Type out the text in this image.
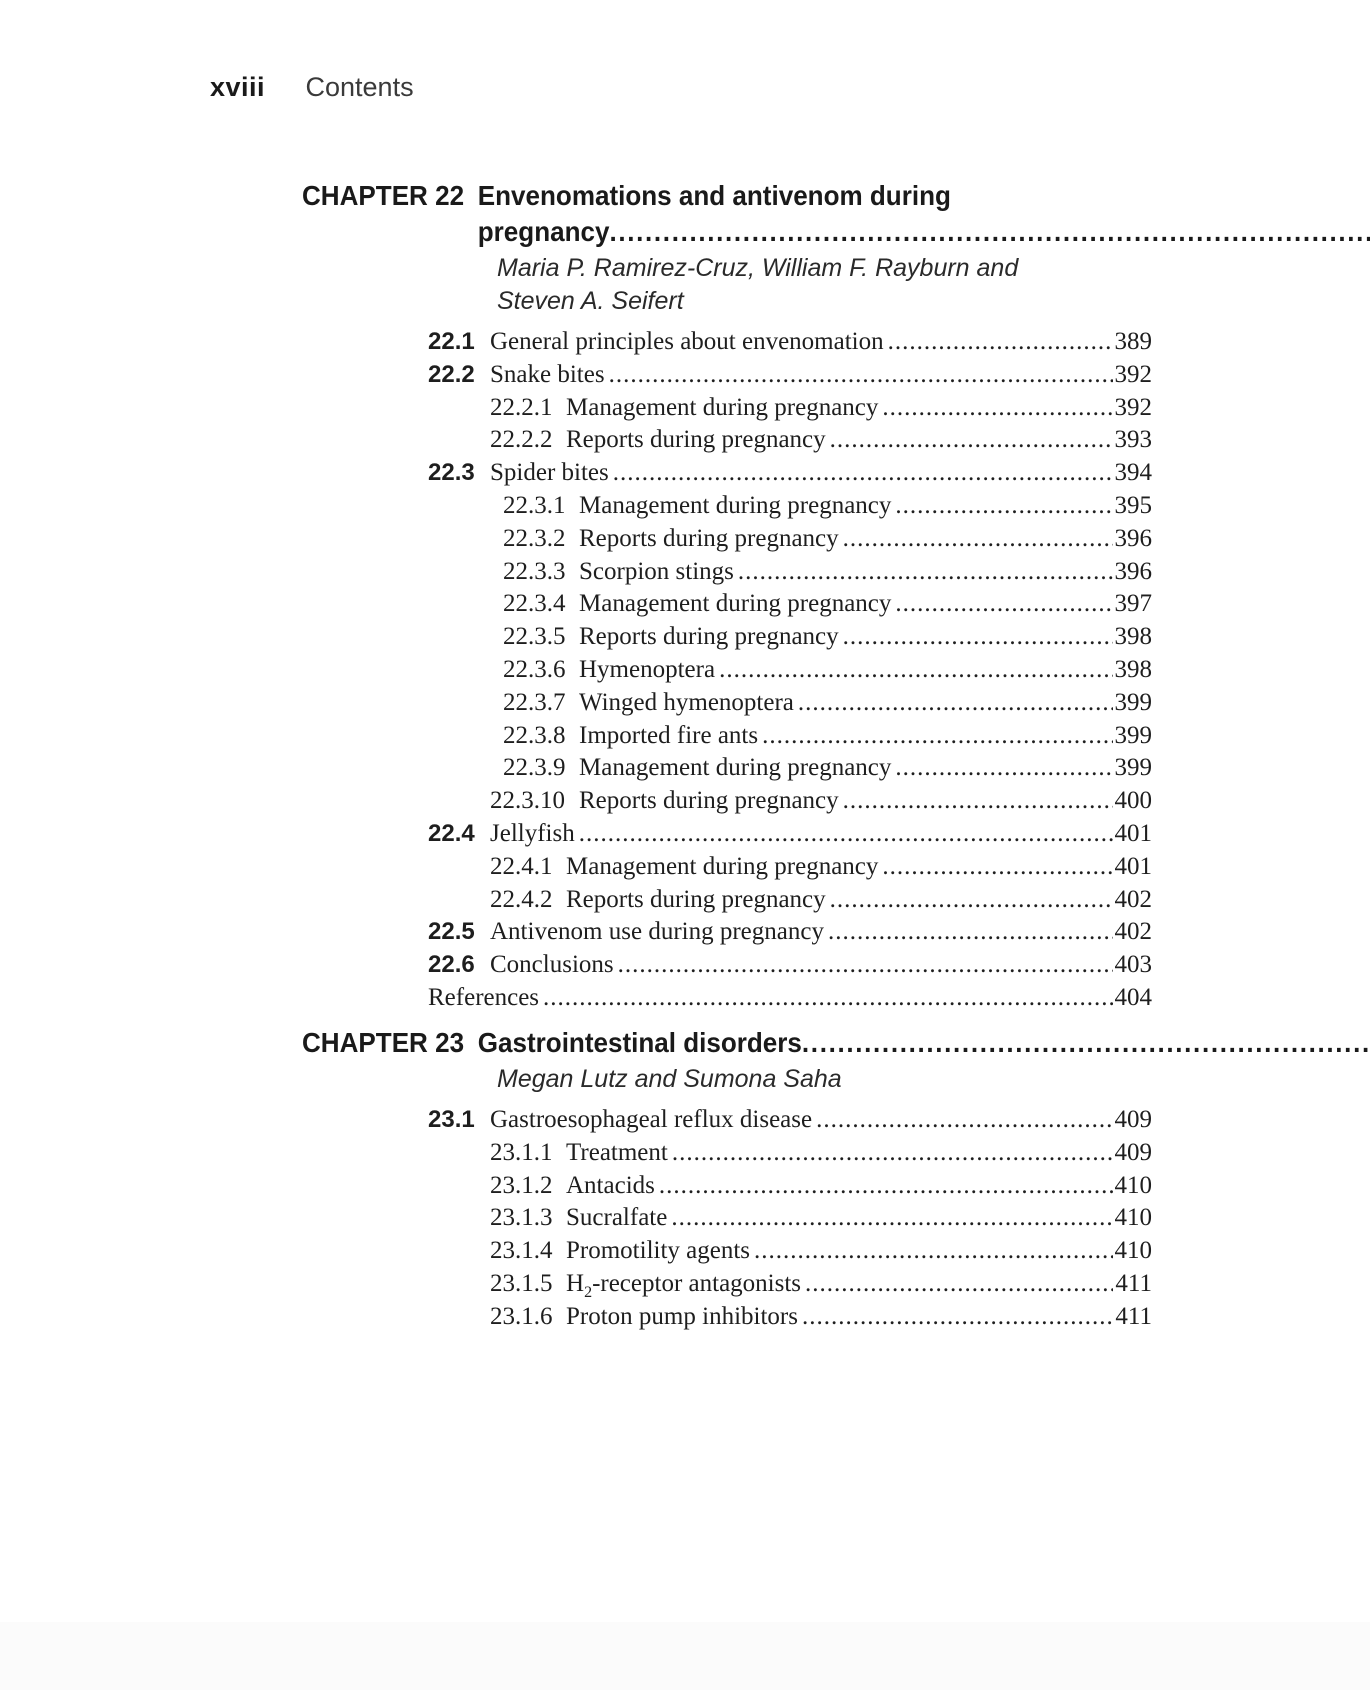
xviii Contents
CHAPTER 22 Envenomations and antivenom during
pregnancy
. . .
Maria P. Ramirez-Cruz, William F. Rayburn and
Steven A. Seifert
22.1 General principles about envenomation .....	389
22.2 Snake bites .....	392
22.2.1 Management during pregnancy .....	392
22.2.2 Reports during pregnancy .....	393
22.3 Spider bites .....	394
22.3.1 Management during pregnancy .....	395
22.3.2 Reports during pregnancy .....	396
22.3.3 Scorpion stings .....	396
22.3.4 Management during pregnancy .....	397
22.3.5 Reports during pregnancy .....	398
22.3.6 Hymenoptera .....	398
22.3.7 Winged hymenoptera .....	399
22.3.8 Imported fire ants .....	399
22.3.9 Management during pregnancy .....	399
22.3.10 Reports during pregnancy .....	400
22.4 Jellyfish .....	401
22.4.1 Management during pregnancy .....	401
22.4.2 Reports during pregnancy .....	402
22.5 Antivenom use during pregnancy .....	402
22.6 Conclusions .....	403
References .....	404
CHAPTER 23 Gastrointestinal disorders
. . .
Megan Lutz and Sumona Saha
23.1 Gastroesophageal reflux disease .....	409
23.1.1 Treatment .....	409
23.1.2 Antacids .....	410
23.1.3 Sucralfate .....	410
23.1.4 Promotility agents .....	410
23.1.5 $H_2$-receptor antagonists .....	411
23.1.6 Proton pump inhibitors .....	411
